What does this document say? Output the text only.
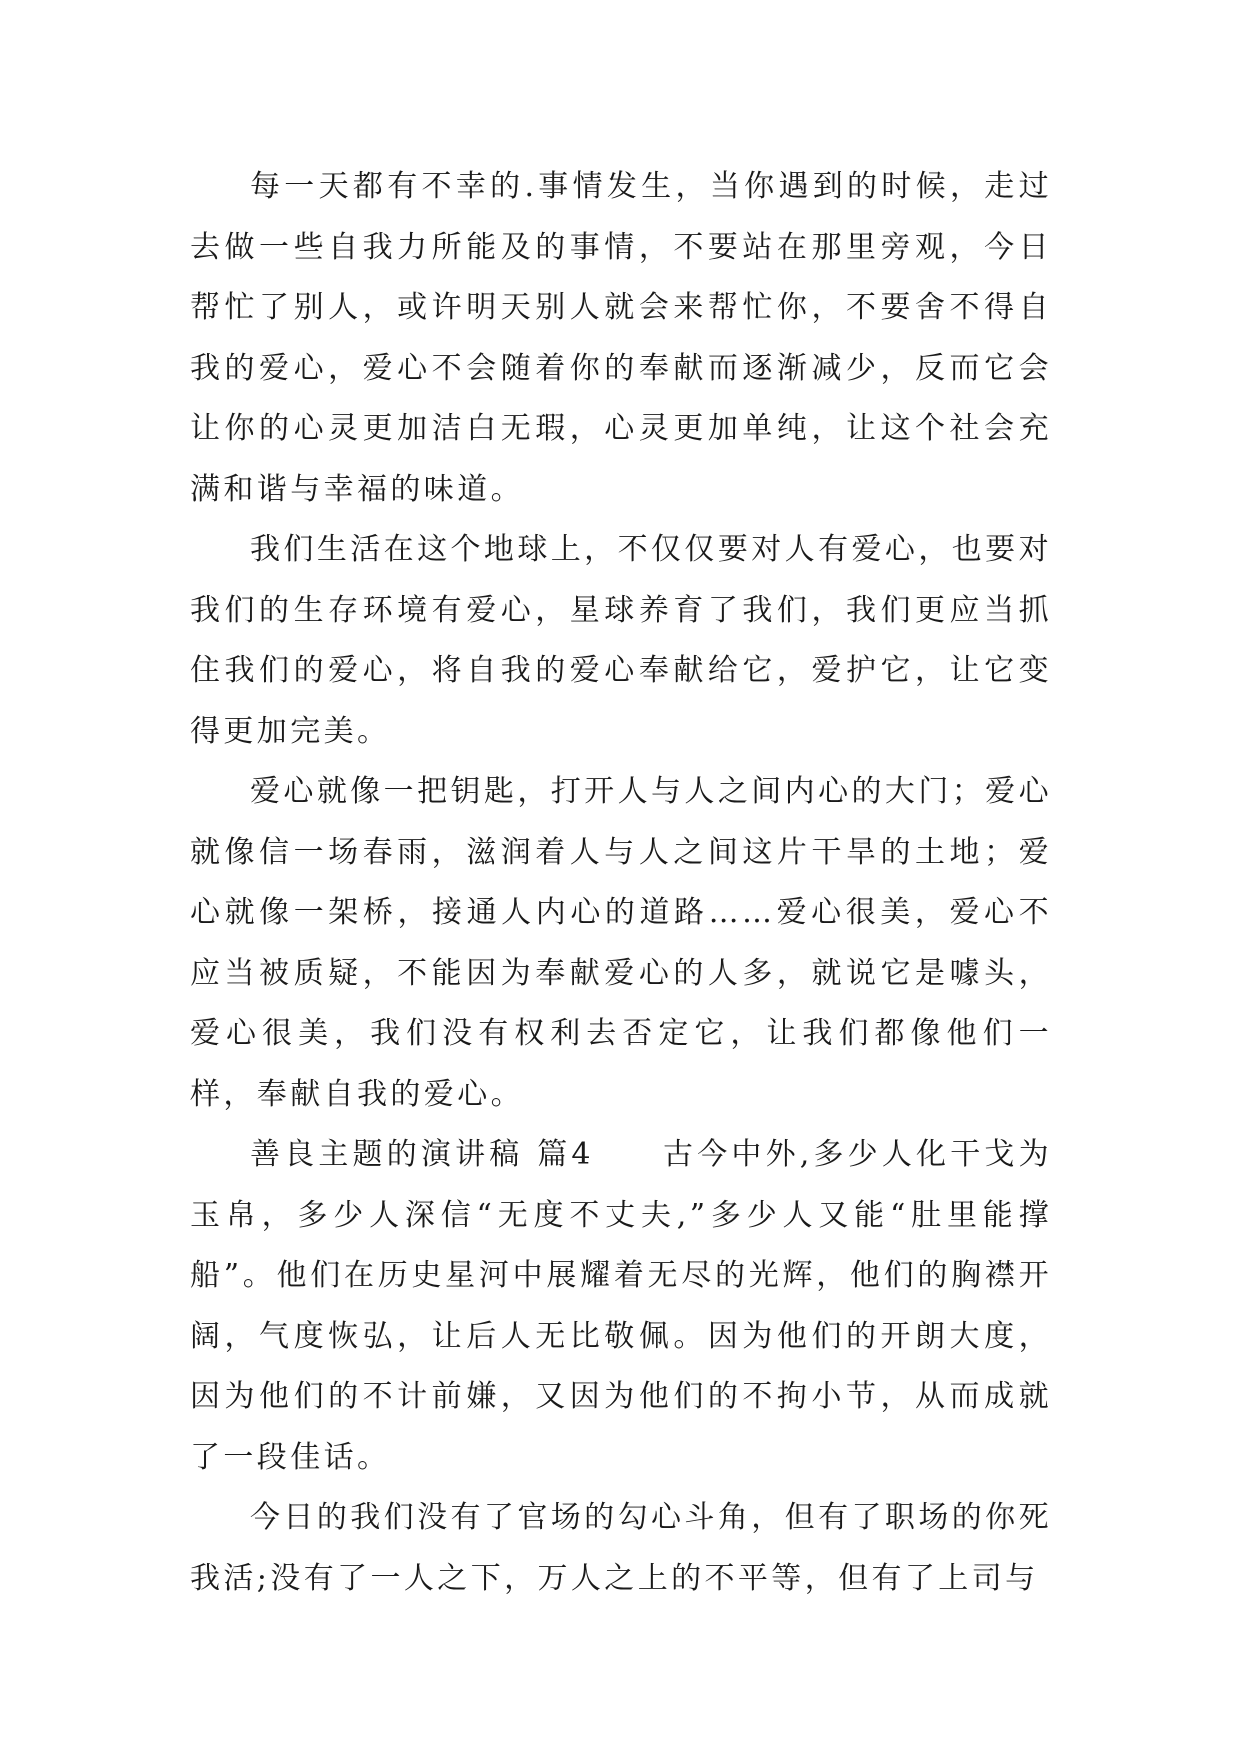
每一天都有不幸的.事情发生，当你遇到的时候，走过去做一些自我力所能及的事情，不要站在那里旁观，今日帮忙了别人，或许明天别人就会来帮忙你，不要舍不得自我的爱心，爱心不会随着你的奉献而逐渐减少，反而它会让你的心灵更加洁白无瑕，心灵更加单纯，让这个社会充满和谐与幸福的味道。

我们生活在这个地球上，不仅仅要对人有爱心，也要对我们的生存环境有爱心，星球养育了我们，我们更应当抓住我们的爱心，将自我的爱心奉献给它，爱护它，让它变得更加完美。

爱心就像一把钥匙，打开人与人之间内心的大门；爱心就像信一场春雨，滋润着人与人之间这片干旱的土地；爱心就像一架桥，接通人内心的道路……爱心很美，爱心不应当被质疑，不能因为奉献爱心的人多，就说它是噱头，爱心很美，我们没有权利去否定它，让我们都像他们一样，奉献自我的爱心。

善良主题的演讲稿 篇4　　古今中外,多少人化干戈为玉帛，多少人深信“无度不丈夫,”多少人又能“肚里能撑船”。他们在历史星河中展耀着无尽的光辉，他们的胸襟开阔，气度恢弘，让后人无比敬佩。因为他们的开朗大度，因为他们的不计前嫌，又因为他们的不拘小节，从而成就了一段佳话。

今日的我们没有了官场的勾心斗角，但有了职场的你死我活;没有了一人之下，万人之上的不平等，但有了上司与
